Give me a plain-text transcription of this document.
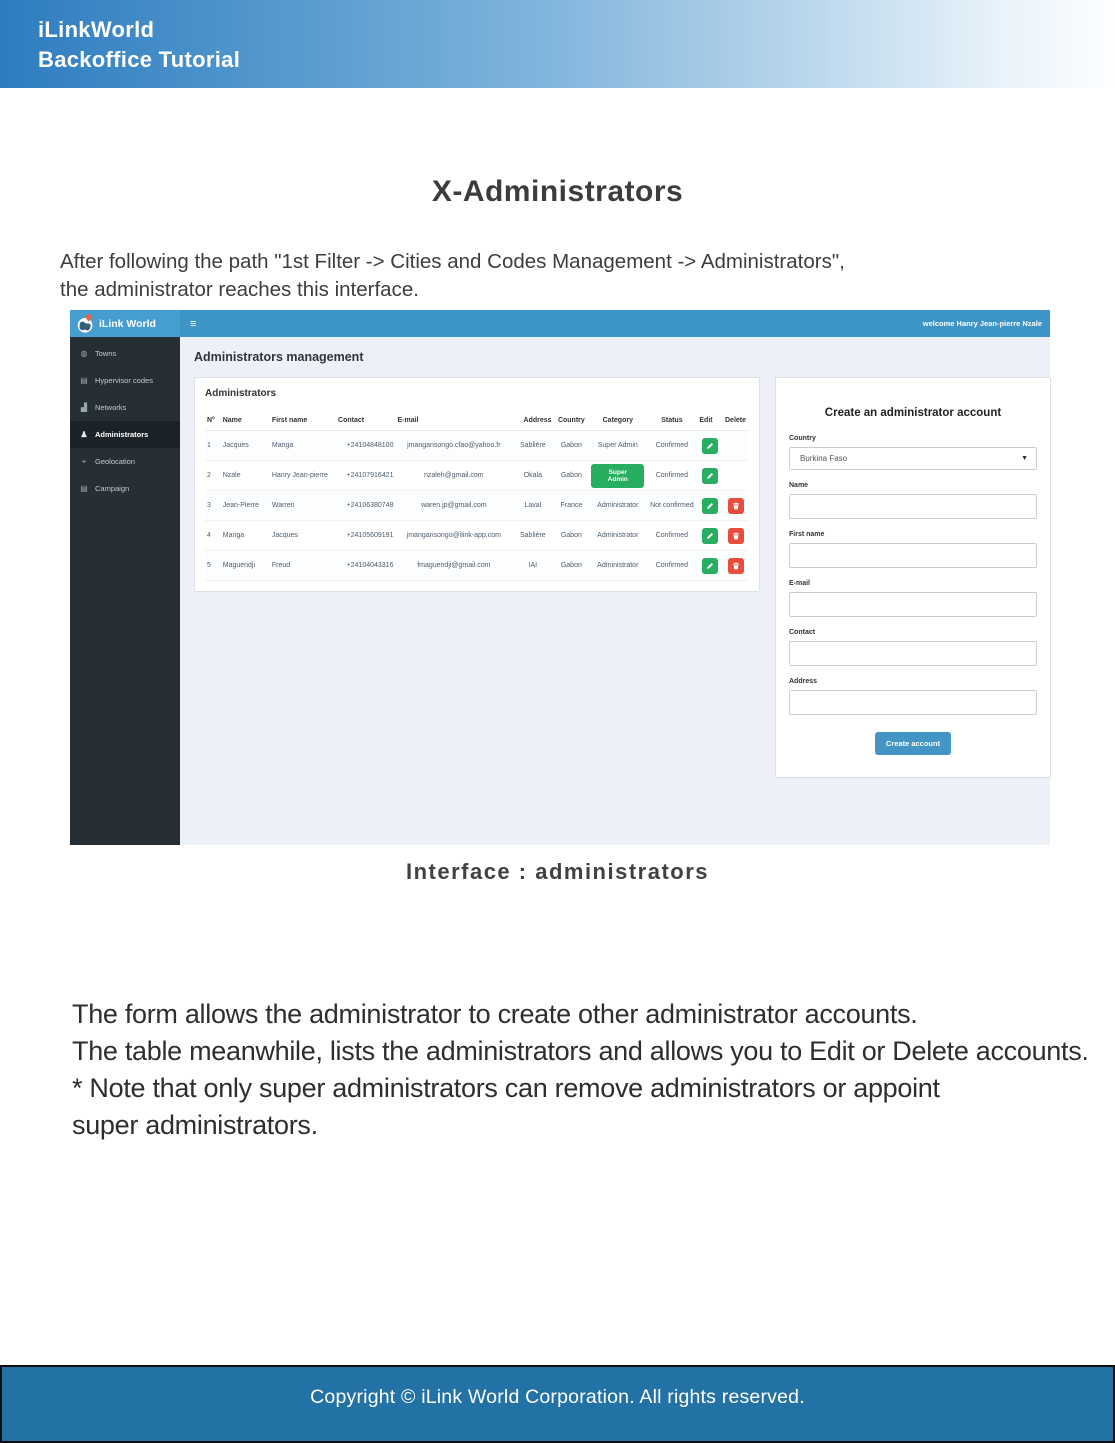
iLinkWorld
Backoffice Tutorial
X-Administrators
After following the path "1st Filter -> Cities and Codes Management -> Administrators",
the administrator reaches this interface.
iLink World	≡	welcome Hanry Jean-pierre Nzale
◍ Towns
▤ Hypervisor codes
▟ Networks
♟ Administrators
⌖	Geolocation
▤ Campaign
Administrators management
Administrators
N°	Name	First name	Contact	E-mail	Address	Country	Category	Status	Edit	Delete
1	Jacques	Manga	+24104848100	jmangansongo.cfao@yahoo.fr	Sablière	Gabon	Super Admin	Confirmed	

2	Nzale	Hanry Jean-pierre	+24107916421	nzaleh@gmail.com	Okala	Gabon	Super Admin	Confirmed	

3	Jean-Pierre	Warren	+24106380748	waren.jp@gmail.com	Laval	France	Administrator	Not confirmed	

4	Manga	Jacques	+24105609191	jmangansongo@ilink-app.com	Sablière	Gabon	Administrator	Confirmed	

5	Maguendji	Freud	+24104043316	fmaguendji@gmail.com	IAI	Gabon	Administrator	Confirmed	

Create an administrator account
Country
Burkina Faso	▼
Name
First name
E-mail
Contact
Address
Create account
Interface : administrators
The form allows the administrator to create other administrator accounts.
The table meanwhile, lists the administrators and allows you to Edit or Delete accounts.
* Note that only super administrators can remove administrators or appoint
super administrators.
Copyright © iLink World Corporation. All rights reserved.
